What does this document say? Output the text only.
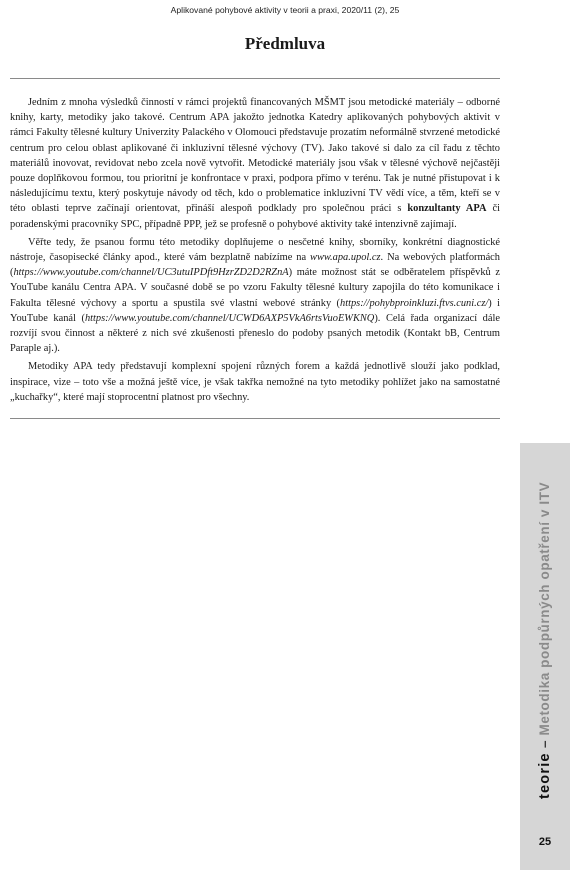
Aplikované pohybové aktivity v teorii a praxi, 2020/11 (2), 25
Předmluva

Jedním z mnoha výsledků činností v rámci projektů financovaných MŠMT jsou metodické materiály – odborné knihy, karty, metodiky jako takové. Centrum APA jakožto jednotka Katedry aplikovaných pohybových aktivit v rámci Fakulty tělesné kultury Univerzity Palackého v Olomouci představuje prozatím neformálně stvrzené metodické centrum pro celou oblast aplikované či inkluzivní tělesné výchovy (TV). Jako takové si dalo za cíl řadu z těchto materiálů inovovat, revidovat nebo zcela nově vytvořit. Metodické materiály jsou však v tělesné výchově nejčastěji pouze doplňkovou formou, tou prioritní je konfrontace v praxi, podpora přímo v terénu. Tak je nutné přistupovat i k následujícímu textu, který poskytuje návody od těch, kdo o problematice inkluzivní TV vědí více, a těm, kteří se v této oblasti teprve začínají orientovat, přináší alespoň podklady pro společnou práci s konzultanty APA či poradenskými pracovníky SPC, případně PPP, jež se profesně o pohybové aktivity také intenzivně zajímají.

Věřte tedy, že psanou formu této metodiky doplňujeme o nesčetné knihy, sborníky, konkrétní diagnostické nástroje, časopisecké články apod., které vám bezplatně nabízíme na www.apa.upol.cz. Na webových platformách (https://www.youtube.com/channel/UC3utuIPDft9HzrZD2D2RZnA) máte možnost stát se odběratelem příspěvků z YouTube kanálu Centra APA. V současné době se po vzoru Fakulty tělesné kultury zapojila do této komunikace i Fakulta tělesné výchovy a sportu a spustila své vlastní webové stránky (https://pohybproinkluzi.ftvs.cuni.cz/) i YouTube kanál (https://www.youtube.com/channel/UCWD6AXP5VkA6rtsVuoEWKNQ). Celá řada organizací dále rozvíjí svou činnost a některé z nich své zkušenosti přeneslo do podoby psaných metodik (Kontakt bB, Centrum Paraple aj.).

Metodiky APA tedy představují komplexní spojení různých forem a každá jednotlivě slouží jako podklad, inspirace, vize – toto vše a možná ještě více, je však takřka nemožné na tyto metodiky pohlížet jako na samostatné „kuchařky“, které mají stoprocentní platnost pro všechny.

teorie – Metodika podpůrných opatření v ITV
25
